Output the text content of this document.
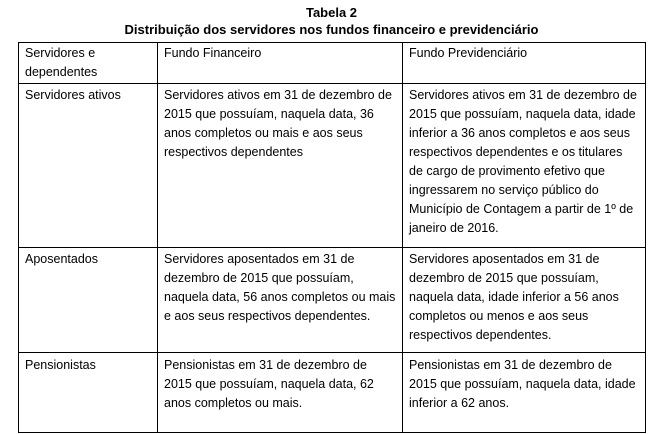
Tabela 2
Distribuição dos servidores nos fundos financeiro e previdenciário
Servidores e dependentes	Fundo Financeiro	Fundo Previdenciário

Servidores ativos	Servidores ativos em 31 de dezembro de 2015 que possuíam, naquela data, 36 anos completos ou mais e aos seus respectivos dependentes	Servidores ativos em 31 de dezembro de 2015 que possuíam, naquela data, idade inferior a 36 anos completos e aos seus respectivos dependentes e os titulares de cargo de provimento efetivo que ingressarem no serviço público do Município de Contagem a partir de 1º de janeiro de 2016.

Aposentados	Servidores aposentados em 31 de dezembro de 2015 que possuíam, naquela data, 56 anos completos ou mais e aos seus respectivos dependentes.	Servidores aposentados em 31 de dezembro de 2015 que possuíam, naquela data, idade inferior a 56 anos completos ou menos e aos seus respectivos dependentes.

Pensionistas	Pensionistas em 31 de dezembro de 2015 que possuíam, naquela data, 62 anos completos ou mais.	Pensionistas em 31 de dezembro de 2015 que possuíam, naquela data, idade inferior a 62 anos.
